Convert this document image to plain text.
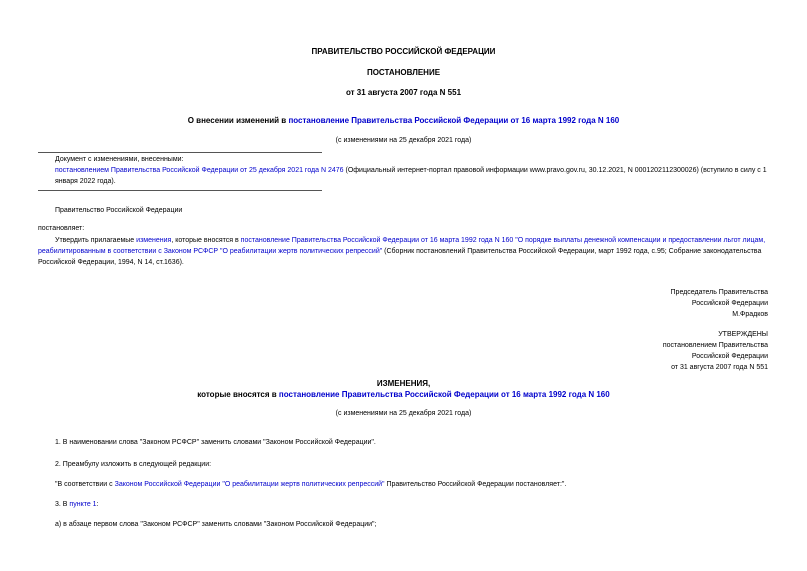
ПРАВИТЕЛЬСТВО РОССИЙСКОЙ ФЕДЕРАЦИИ
ПОСТАНОВЛЕНИЕ
от 31 августа 2007 года N 551
О внесении изменений в постановление Правительства Российской Федерации от 16 марта 1992 года N 160
(с изменениями на 25 декабря 2021 года)
Документ с изменениями, внесенными:
постановлением Правительства Российской Федерации от 25 декабря 2021 года N 2476 (Официальный интернет-портал правовой информации www.pravo.gov.ru, 30.12.2021, N 0001202112300026) (вступило в силу с 1 января 2022 года).
Правительство Российской Федерации
постановляет:
Утвердить прилагаемые изменения, которые вносятся в постановление Правительства Российской Федерации от 16 марта 1992 года N 160 "О порядке выплаты денежной компенсации и предоставлении льгот лицам, реабилитированным в соответствии с Законом РСФСР "О реабилитации жертв политических репрессий" (Сборник постановлений Правительства Российской Федерации, март 1992 года, с.95; Собрание законодательства Российской Федерации, 1994, N 14, ст.1636).
Председатель Правительства
Российской Федерации
М.Фрадков
УТВЕРЖДЕНЫ
постановлением Правительства
Российской Федерации
от 31 августа 2007 года N 551
ИЗМЕНЕНИЯ,
которые вносятся в постановление Правительства Российской Федерации от 16 марта 1992 года N 160
(с изменениями на 25 декабря 2021 года)
1. В наименовании слова "Законом РСФСР" заменить словами "Законом Российской Федерации".
2. Преамбулу изложить в следующей редакции:
"В соответствии с Законом Российской Федерации "О реабилитации жертв политических репрессий" Правительство Российской Федерации постановляет:".
3. В пункте 1:
а) в абзаце первом слова "Законом РСФСР" заменить словами "Законом Российской Федерации";
